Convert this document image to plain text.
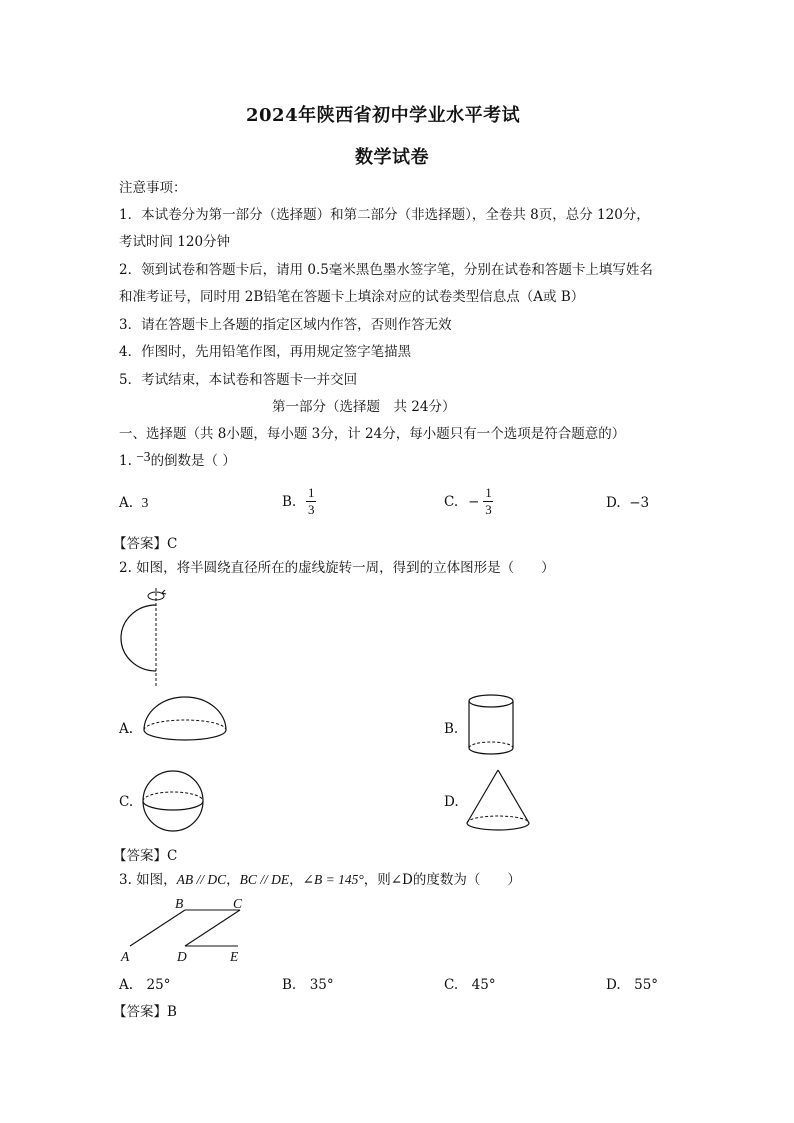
2024年陕西省初中学业水平考试
数学试卷
注意事项：
1．本试卷分为第一部分（选择题）和第二部分（非选择题），全卷共 8页，总分 120分，
考试时间 120分钟
2．领到试卷和答题卡后，请用 0.5毫米黑色墨水签字笔，分别在试卷和答题卡上填写姓名
和准考证号，同时用 2B铅笔在答题卡上填涂对应的试卷类型信息点（A或 B）
3．请在答题卡上各题的指定区域内作答，否则作答无效
4．作图时，先用铅笔作图，再用规定签字笔描黑
5．考试结束，本试卷和答题卡一并交回
第一部分（选择题　共 24分）
一、选择题（共 8小题，每小题 3分，计 24分，每小题只有一个选项是符合题意的）
1. −3的倒数是（ ）
A. 3	B. $\frac{1}{3}$	C. − $\frac{1}{3}$	D. −3
【答案】C
2. 如图，将半圆绕直径所在的虚线旋转一周，得到的立体图形是（　　）
A.	B.
C.	D.
【答案】C
3. 如图，AB // DC，BC // DE，∠B = 145°，则∠D的度数为（　　）
B	C
A	D	E
A.　25°	B.　35°	C.　45°	D.　55°
【答案】B
